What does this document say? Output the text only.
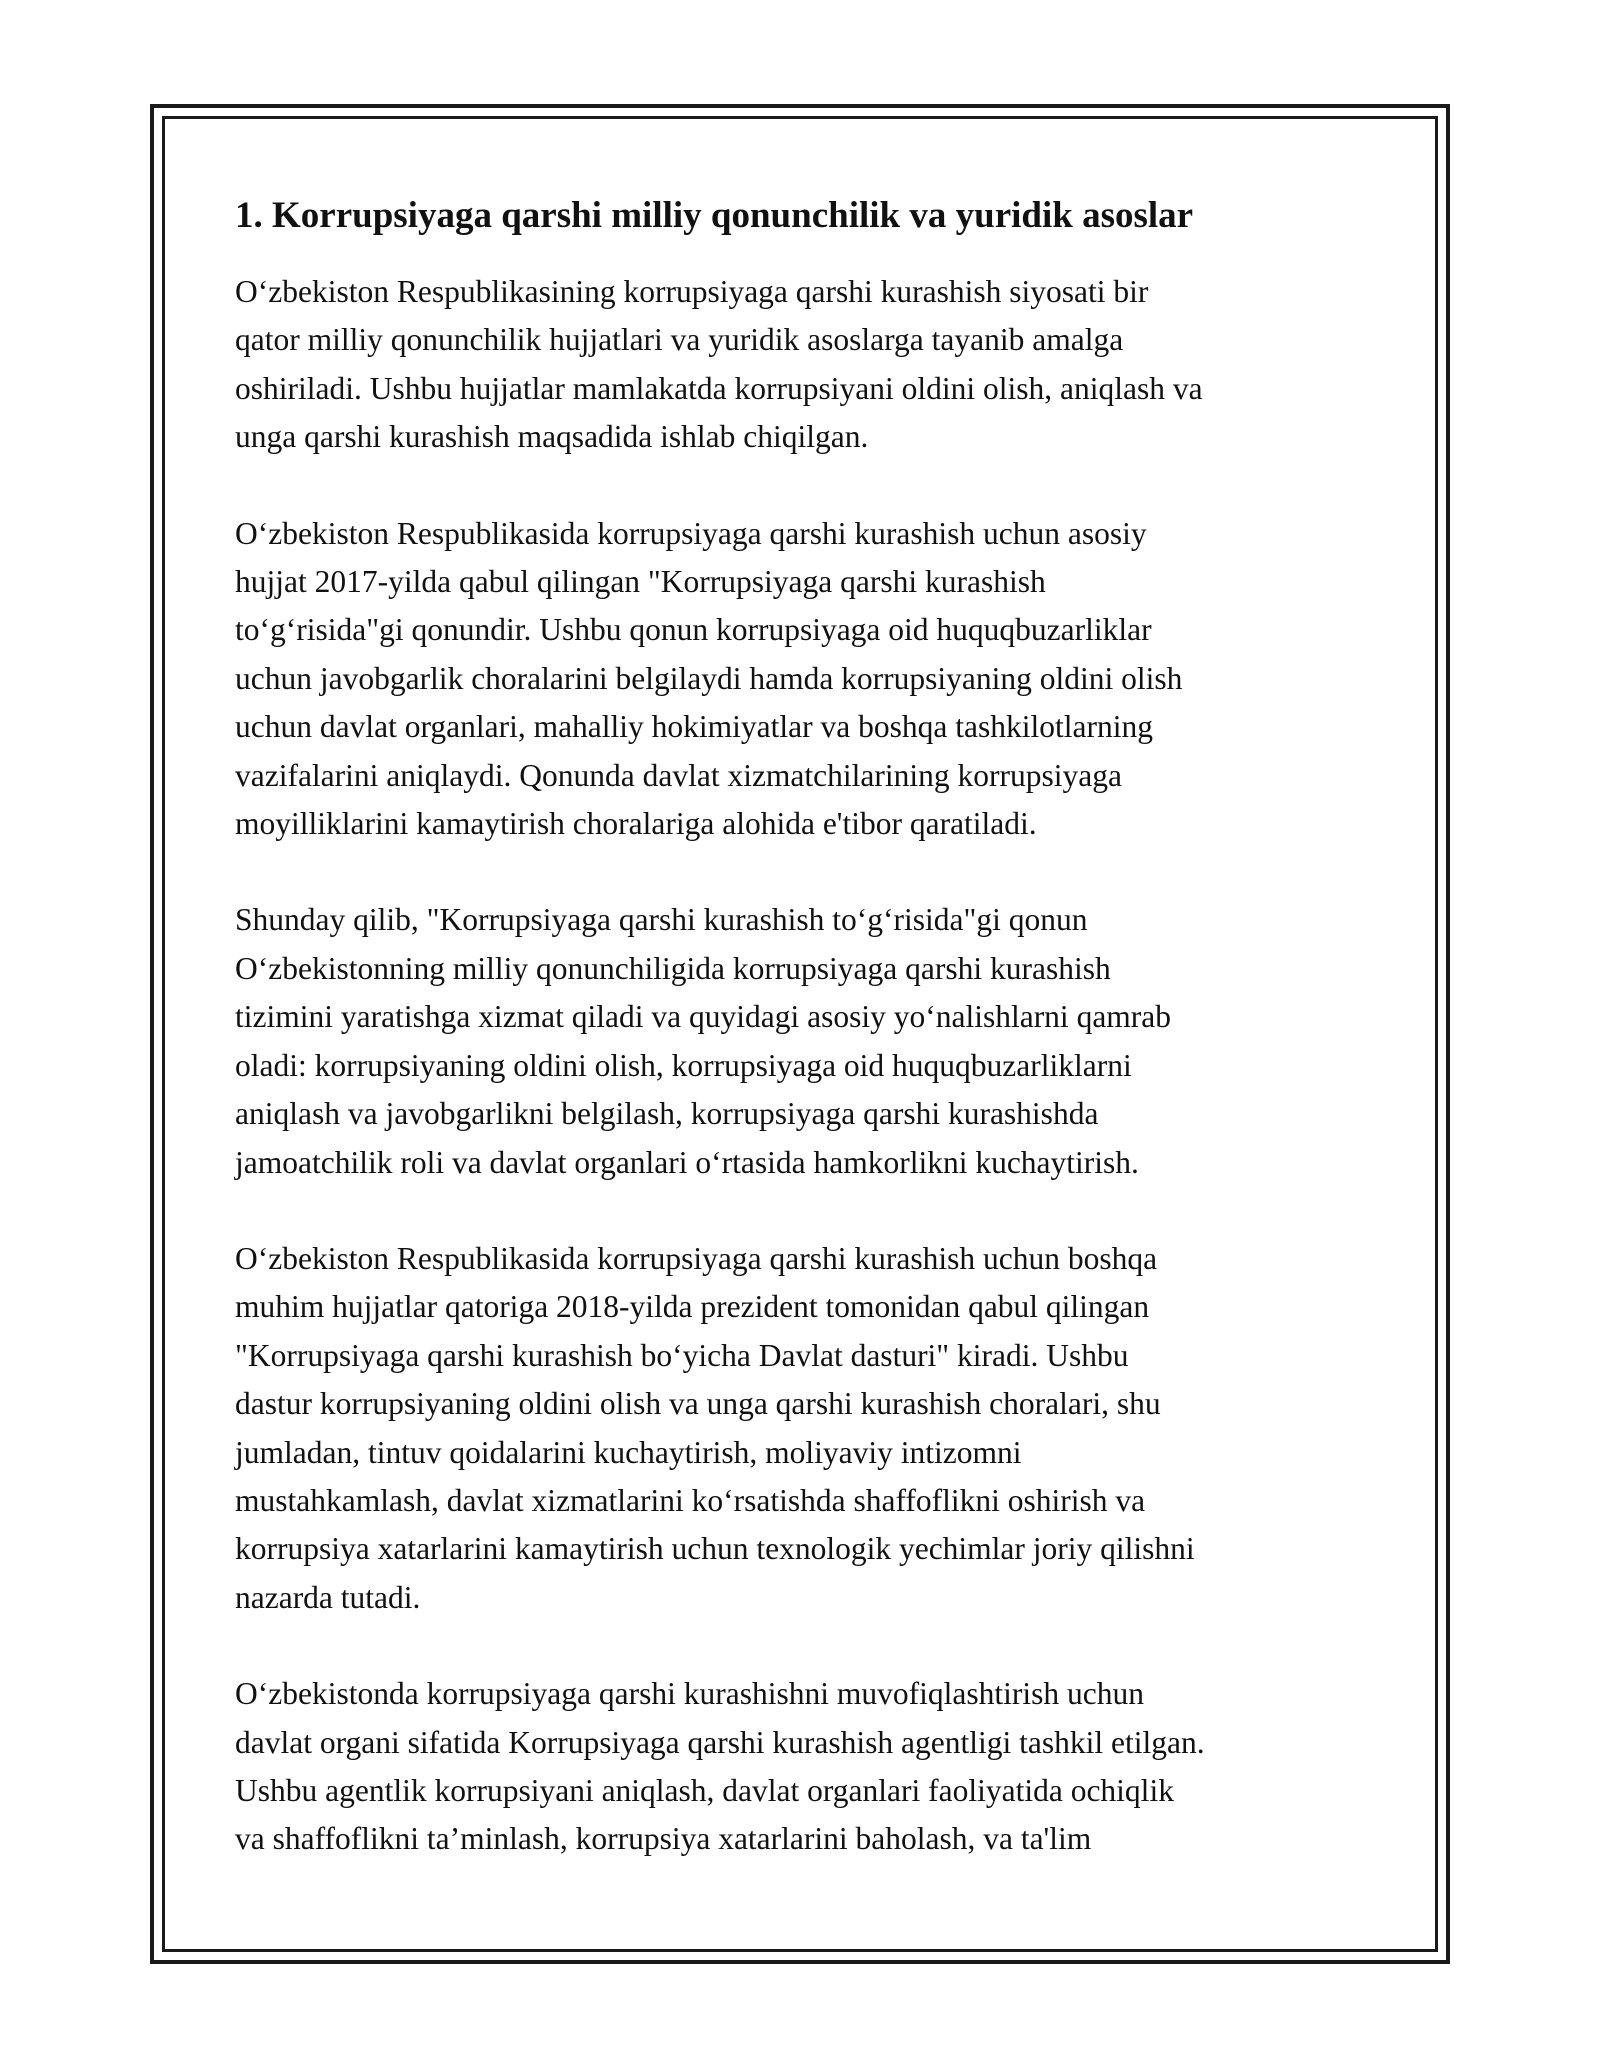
1. Korrupsiyaga qarshi milliy qonunchilik va yuridik asoslar

O‘zbekiston Respublikasining korrupsiyaga qarshi kurashish siyosati bir
qator milliy qonunchilik hujjatlari va yuridik asoslarga tayanib amalga
oshiriladi. Ushbu hujjatlar mamlakatda korrupsiyani oldini olish, aniqlash va
unga qarshi kurashish maqsadida ishlab chiqilgan.

O‘zbekiston Respublikasida korrupsiyaga qarshi kurashish uchun asosiy
hujjat 2017-yilda qabul qilingan "Korrupsiyaga qarshi kurashish
to‘g‘risida"gi qonundir. Ushbu qonun korrupsiyaga oid huquqbuzarliklar
uchun javobgarlik choralarini belgilaydi hamda korrupsiyaning oldini olish
uchun davlat organlari, mahalliy hokimiyatlar va boshqa tashkilotlarning
vazifalarini aniqlaydi. Qonunda davlat xizmatchilarining korrupsiyaga
moyilliklarini kamaytirish choralariga alohida e'tibor qaratiladi.

Shunday qilib, "Korrupsiyaga qarshi kurashish to‘g‘risida"gi qonun
O‘zbekistonning milliy qonunchiligida korrupsiyaga qarshi kurashish
tizimini yaratishga xizmat qiladi va quyidagi asosiy yo‘nalishlarni qamrab
oladi: korrupsiyaning oldini olish, korrupsiyaga oid huquqbuzarliklarni
aniqlash va javobgarlikni belgilash, korrupsiyaga qarshi kurashishda
jamoatchilik roli va davlat organlari o‘rtasida hamkorlikni kuchaytirish.

O‘zbekiston Respublikasida korrupsiyaga qarshi kurashish uchun boshqa
muhim hujjatlar qatoriga 2018-yilda prezident tomonidan qabul qilingan
"Korrupsiyaga qarshi kurashish bo‘yicha Davlat dasturi" kiradi. Ushbu
dastur korrupsiyaning oldini olish va unga qarshi kurashish choralari, shu
jumladan, tintuv qoidalarini kuchaytirish, moliyaviy intizomni
mustahkamlash, davlat xizmatlarini ko‘rsatishda shaffoflikni oshirish va
korrupsiya xatarlarini kamaytirish uchun texnologik yechimlar joriy qilishni
nazarda tutadi.

O‘zbekistonda korrupsiyaga qarshi kurashishni muvofiqlashtirish uchun
davlat organi sifatida Korrupsiyaga qarshi kurashish agentligi tashkil etilgan.
Ushbu agentlik korrupsiyani aniqlash, davlat organlari faoliyatida ochiqlik
va shaffoflikni ta’minlash, korrupsiya xatarlarini baholash, va ta'lim
